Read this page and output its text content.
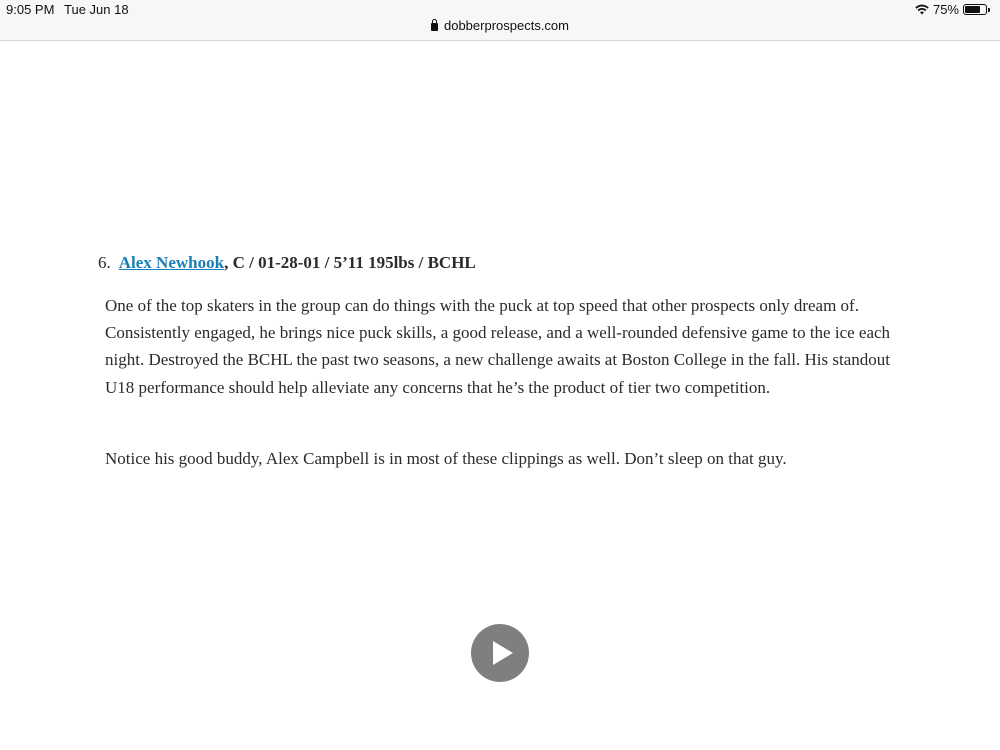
9:05 PM Tue Jun 18	75%
dobberprospects.com
6. Alex Newhook, C / 01-28-01 / 5’11 195lbs / BCHL

One of the top skaters in the group can do things with the puck at top speed that other prospects only dream of. Consistently engaged, he brings nice puck skills, a good release, and a well-rounded defensive game to the ice each night. Destroyed the BCHL the past two seasons, a new challenge awaits at Boston College in the fall. His standout U18 performance should help alleviate any concerns that he’s the product of tier two competition.

Notice his good buddy, Alex Campbell is in most of these clippings as well. Don’t sleep on that guy.
